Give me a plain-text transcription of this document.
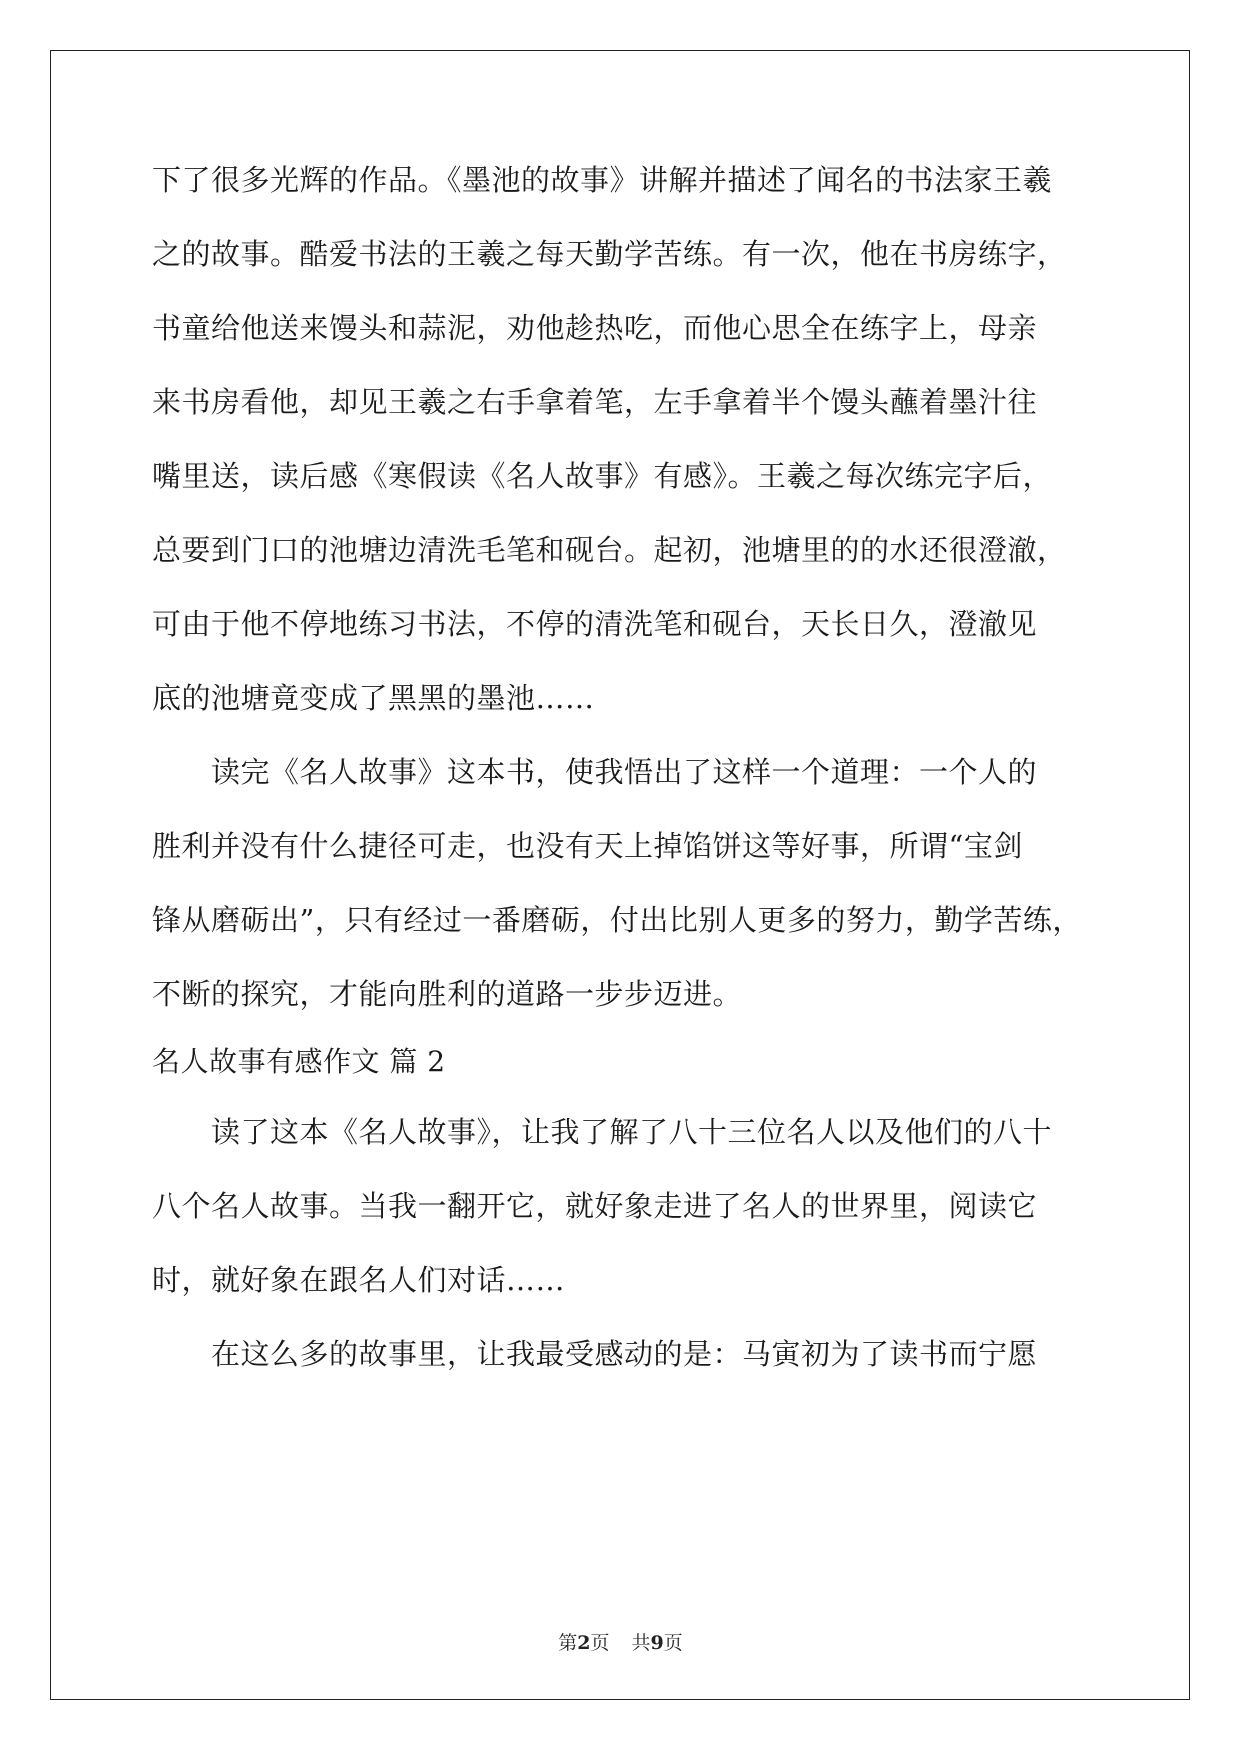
下了很多光辉的作品。《墨池的故事》讲解并描述了闻名的书法家王羲
之的故事。酷爱书法的王羲之每天勤学苦练。有一次，他在书房练字，
书童给他送来馒头和蒜泥，劝他趁热吃，而他心思全在练字上，母亲
来书房看他，却见王羲之右手拿着笔，左手拿着半个馒头蘸着墨汁往
嘴里送，读后感《寒假读《名人故事》有感》。王羲之每次练完字后，
总要到门口的池塘边清洗毛笔和砚台。起初，池塘里的的水还很澄澈，
可由于他不停地练习书法，不停的清洗笔和砚台，天长日久，澄澈见
底的池塘竟变成了黑黑的墨池……
　　读完《名人故事》这本书，使我悟出了这样一个道理：一个人的
胜利并没有什么捷径可走，也没有天上掉馅饼这等好事，所谓“宝剑
锋从磨砺出”，只有经过一番磨砺，付出比别人更多的努力，勤学苦练，
不断的探究，才能向胜利的道路一步步迈进。
名人故事有感作文 篇 2
　　读了这本《名人故事》，让我了解了八十三位名人以及他们的八十
八个名人故事。当我一翻开它，就好象走进了名人的世界里，阅读它
时，就好象在跟名人们对话……
　　在这么多的故事里，让我最受感动的是：马寅初为了读书而宁愿
第2页 共9页
